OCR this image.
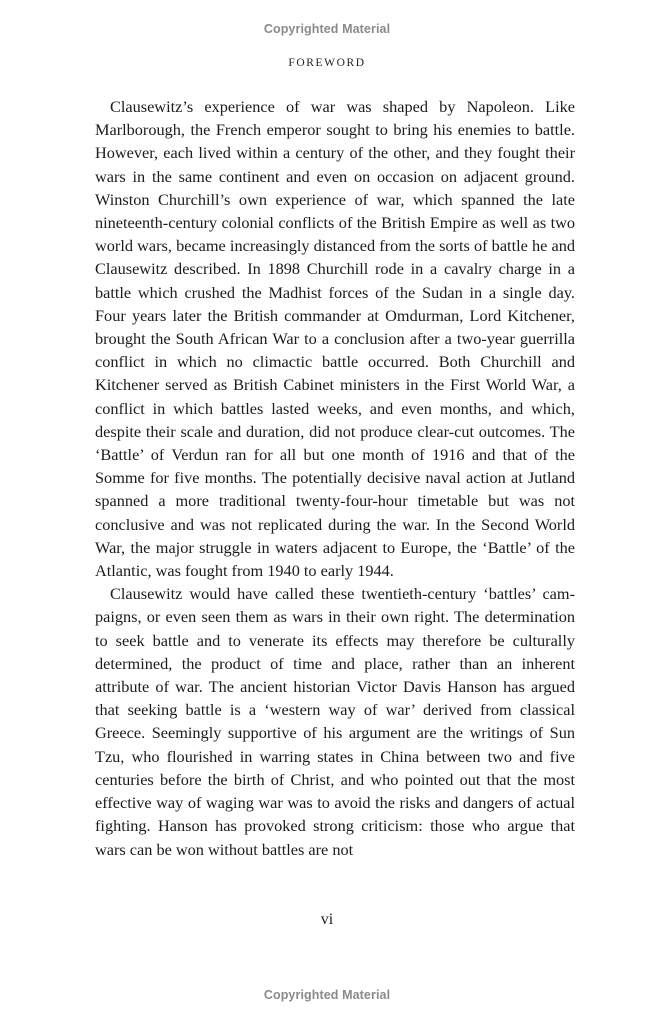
Copyrighted Material
FOREWORD

Clausewitz’s experience of war was shaped by Napoleon. Like Marlborough, the French emperor sought to bring his enemies to battle. However, each lived within a century of the other, and they fought their wars in the same continent and even on occasion on adjacent ground. Winston Churchill’s own experience of war, which spanned the late nineteenth-century colonial conflicts of the British Empire as well as two world wars, became increasingly distanced from the sorts of battle he and Clausewitz described. In 1898 Churchill rode in a cavalry charge in a battle which crushed the Madhist forces of the Sudan in a single day. Four years later the British commander at Omdurman, Lord Kitchener, brought the South African War to a conclusion after a two-year guerrilla conflict in which no climactic battle occurred. Both Churchill and Kitchener served as British Cabinet ministers in the First World War, a conflict in which battles lasted weeks, and even months, and which, despite their scale and duration, did not produce clear-cut outcomes. The ‘Battle’ of Verdun ran for all but one month of 1916 and that of the Somme for five months. The potentially decisive naval action at Jutland spanned a more traditional twenty-four-hour timetable but was not conclusive and was not replicated during the war. In the Second World War, the major struggle in waters adjacent to Europe, the ‘Battle’ of the Atlantic, was fought from 1940 to early 1944.

Clausewitz would have called these twentieth-century ‘battles’ campaigns, or even seen them as wars in their own right. The determination to seek battle and to venerate its effects may therefore be culturally determined, the product of time and place, rather than an inherent attribute of war. The ancient historian Victor Davis Hanson has argued that seeking battle is a ‘western way of war’ derived from classical Greece. Seemingly supportive of his argument are the writings of Sun Tzu, who flourished in warring states in China between two and five centuries before the birth of Christ, and who pointed out that the most effective way of waging war was to avoid the risks and dangers of actual fighting. Hanson has provoked strong criticism: those who argue that wars can be won without battles are not

vi
Copyrighted Material
